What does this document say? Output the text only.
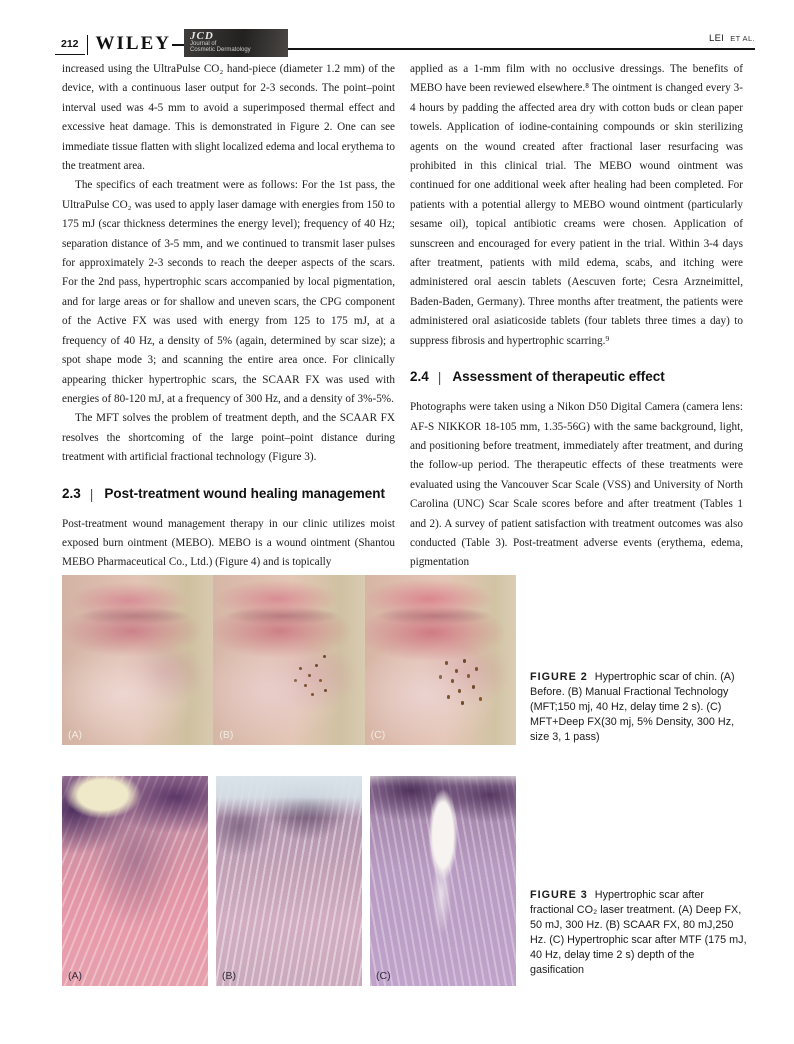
212 WILEY JCD
Journal of
Cosmetic Dermatology
LEI ET AL.

increased using the UltraPulse CO₂ hand-piece (diameter 1.2 mm) of the device, with a continuous laser output for 2-3 seconds. The point–point interval used was 4-5 mm to avoid a superimposed thermal effect and excessive heat damage. This is demonstrated in Figure 2. One can see immediate tissue flatten with slight localized edema and local erythema to the treatment area.

The specifics of each treatment were as follows: For the 1st pass, the UltraPulse CO₂ was used to apply laser damage with energies from 150 to 175 mJ (scar thickness determines the energy level); frequency of 40 Hz; separation distance of 3-5 mm, and we continued to transmit laser pulses for approximately 2-3 seconds to reach the deeper aspects of the scars. For the 2nd pass, hypertrophic scars accompanied by local pigmentation, and for large areas or for shallow and uneven scars, the CPG component of the Active FX was used with energy from 125 to 175 mJ, at a frequency of 40 Hz, a density of 5% (again, determined by scar size); a spot shape mode 3; and scanning the entire area once. For clinically appearing thicker hypertrophic scars, the SCAAR FX was used with energies of 80-120 mJ, at a frequency of 300 Hz, and a density of 3%-5%.

The MFT solves the problem of treatment depth, and the SCAAR FX resolves the shortcoming of the large point–point distance during treatment with artificial fractional technology (Figure 3).

2.3 | Post-treatment wound healing management

Post-treatment wound management therapy in our clinic utilizes moist exposed burn ointment (MEBO). MEBO is a wound ointment (Shantou MEBO Pharmaceutical Co., Ltd.) (Figure 4) and is topically

applied as a 1-mm film with no occlusive dressings. The benefits of MEBO have been reviewed elsewhere.⁸ The ointment is changed every 3-4 hours by padding the affected area dry with cotton buds or clean paper towels. Application of iodine-containing compounds or skin sterilizing agents on the wound created after fractional laser resurfacing was prohibited in this clinical trial. The MEBO wound ointment was continued for one additional week after healing had been completed. For patients with a potential allergy to MEBO wound ointment (particularly sesame oil), topical antibiotic creams were chosen. Application of sunscreen and encouraged for every patient in the trial. Within 3-4 days after treatment, patients with mild edema, scabs, and itching were administered oral aescin tablets (Aescuven forte; Cesra Arzneimittel, Baden-Baden, Germany). Three months after treatment, the patients were administered oral asiaticoside tablets (four tablets three times a day) to suppress fibrosis and hypertrophic scarring.⁹

2.4 | Assessment of therapeutic effect

Photographs were taken using a Nikon D50 Digital Camera (camera lens: AF-S NIKKOR 18-105 mm, 1.35-56G) with the same background, light, and positioning before treatment, immediately after treatment, and during the follow-up period. The therapeutic effects of these treatments were evaluated using the Vancouver Scar Scale (VSS) and University of North Carolina (UNC) Scar Scale scores before and after treatment (Tables 1 and 2). A survey of patient satisfaction with treatment outcomes was also conducted (Table 3). Post-treatment adverse events (erythema, edema, pigmentation

(A)	(B)	(C)
FIGURE 2 Hypertrophic scar of chin. (A) Before. (B) Manual Fractional Technology (MFT;150 mj, 40 Hz, delay time 2 s). (C) MFT+Deep FX(30 mj, 5% Density, 300 Hz, size 3, 1 pass)
(A)	(B)	(C)
FIGURE 3 Hypertrophic scar after fractional CO₂ laser treatment. (A) Deep FX, 50 mJ, 300 Hz. (B) SCAAR FX, 80 mJ,250 Hz. (C) Hypertrophic scar after MTF (175 mJ, 40 Hz, delay time 2 s) depth of the gasification
